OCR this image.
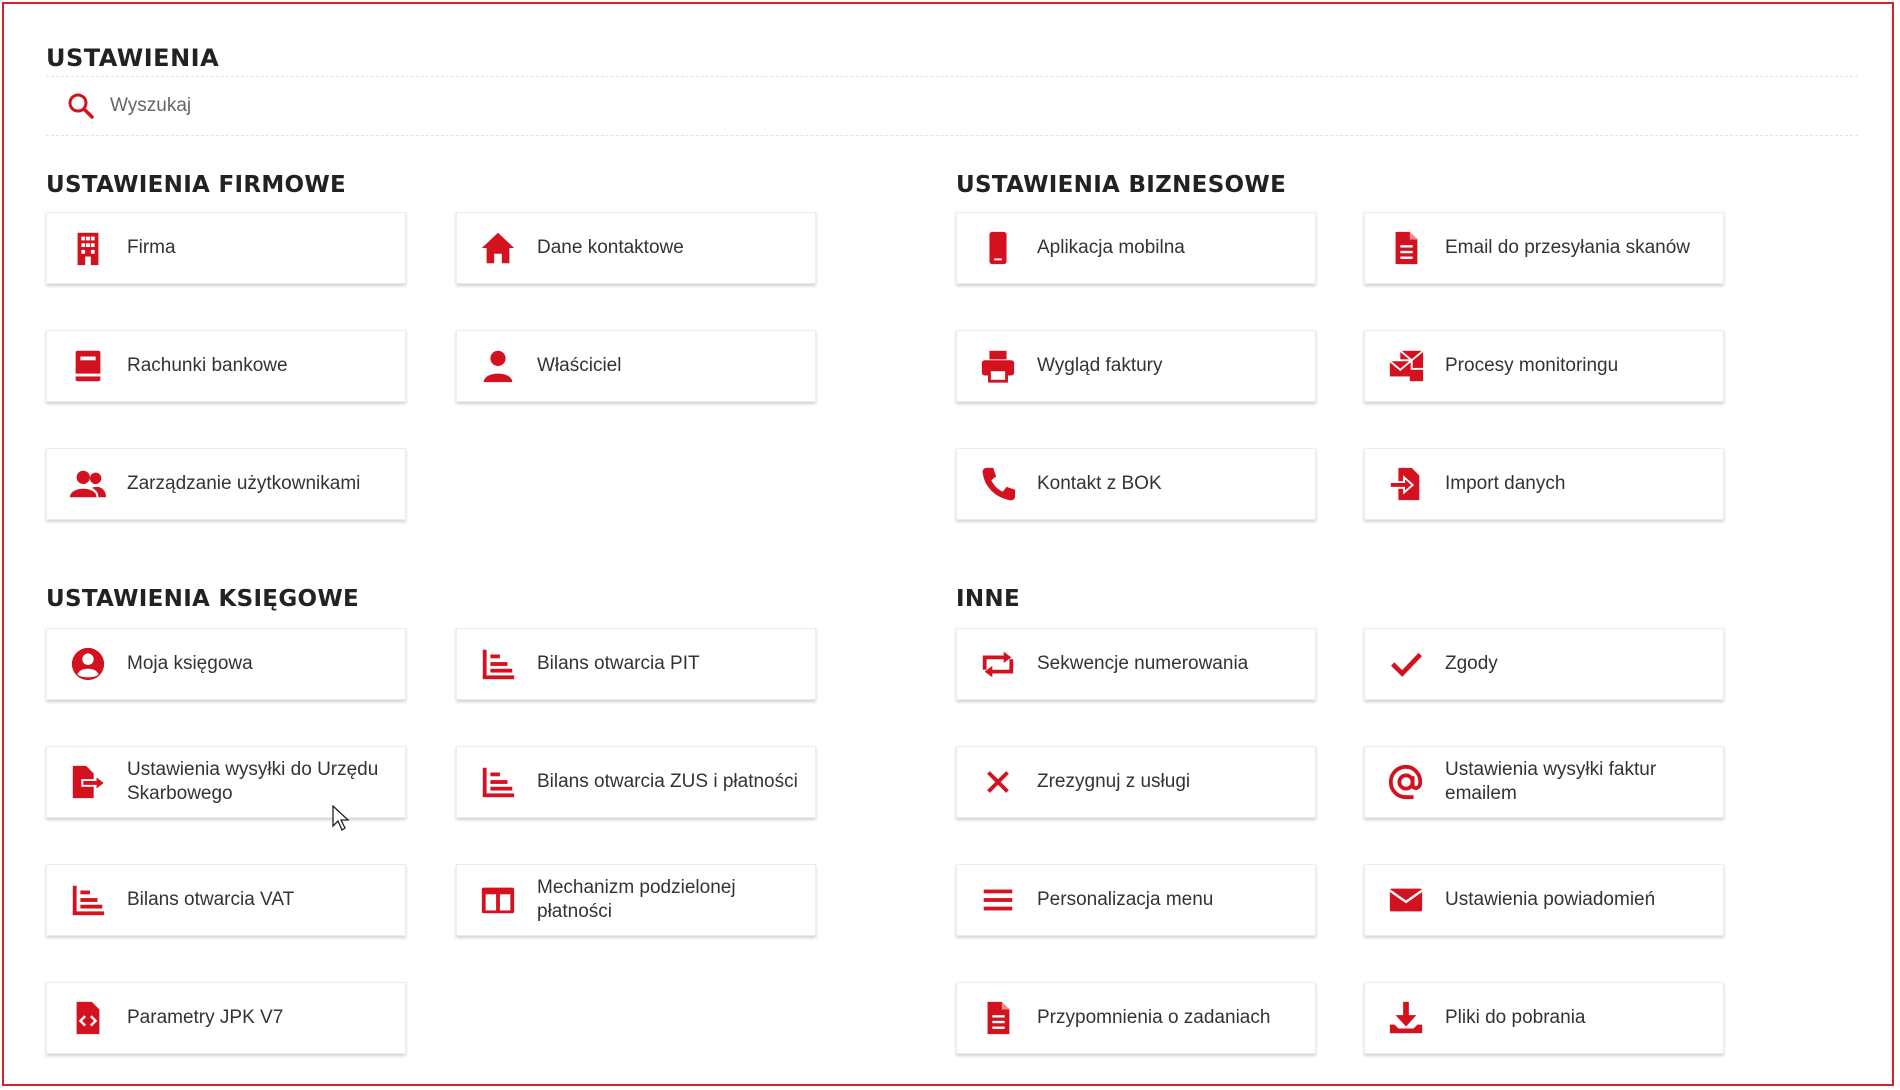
USTAWIENIA
Wyszukaj
USTAWIENIA FIRMOWE
Firma	Dane kontaktowe
Rachunki bankowe	Właściciel
Zarządzanie użytkownikami
USTAWIENIA BIZNESOWE
Aplikacja mobilna	Email do przesyłania skanów
Wygląd faktury	Procesy monitoringu
Kontakt z BOK	Import danych
USTAWIENIA KSIĘGOWE
Moja księgowa	Bilans otwarcia PIT
Ustawienia wysyłki do Urzędu Skarbowego
Bilans otwarcia ZUS i płatności
Bilans otwarcia VAT
Mechanizm podzielonej płatności
Parametry JPK V7
INNE
Sekwencje numerowania	Zgody
Zrezygnuj z usługi
Ustawienia wysyłki faktur emailem
Personalizacja menu	Ustawienia powiadomień
Przypomnienia o zadaniach	Pliki do pobrania
